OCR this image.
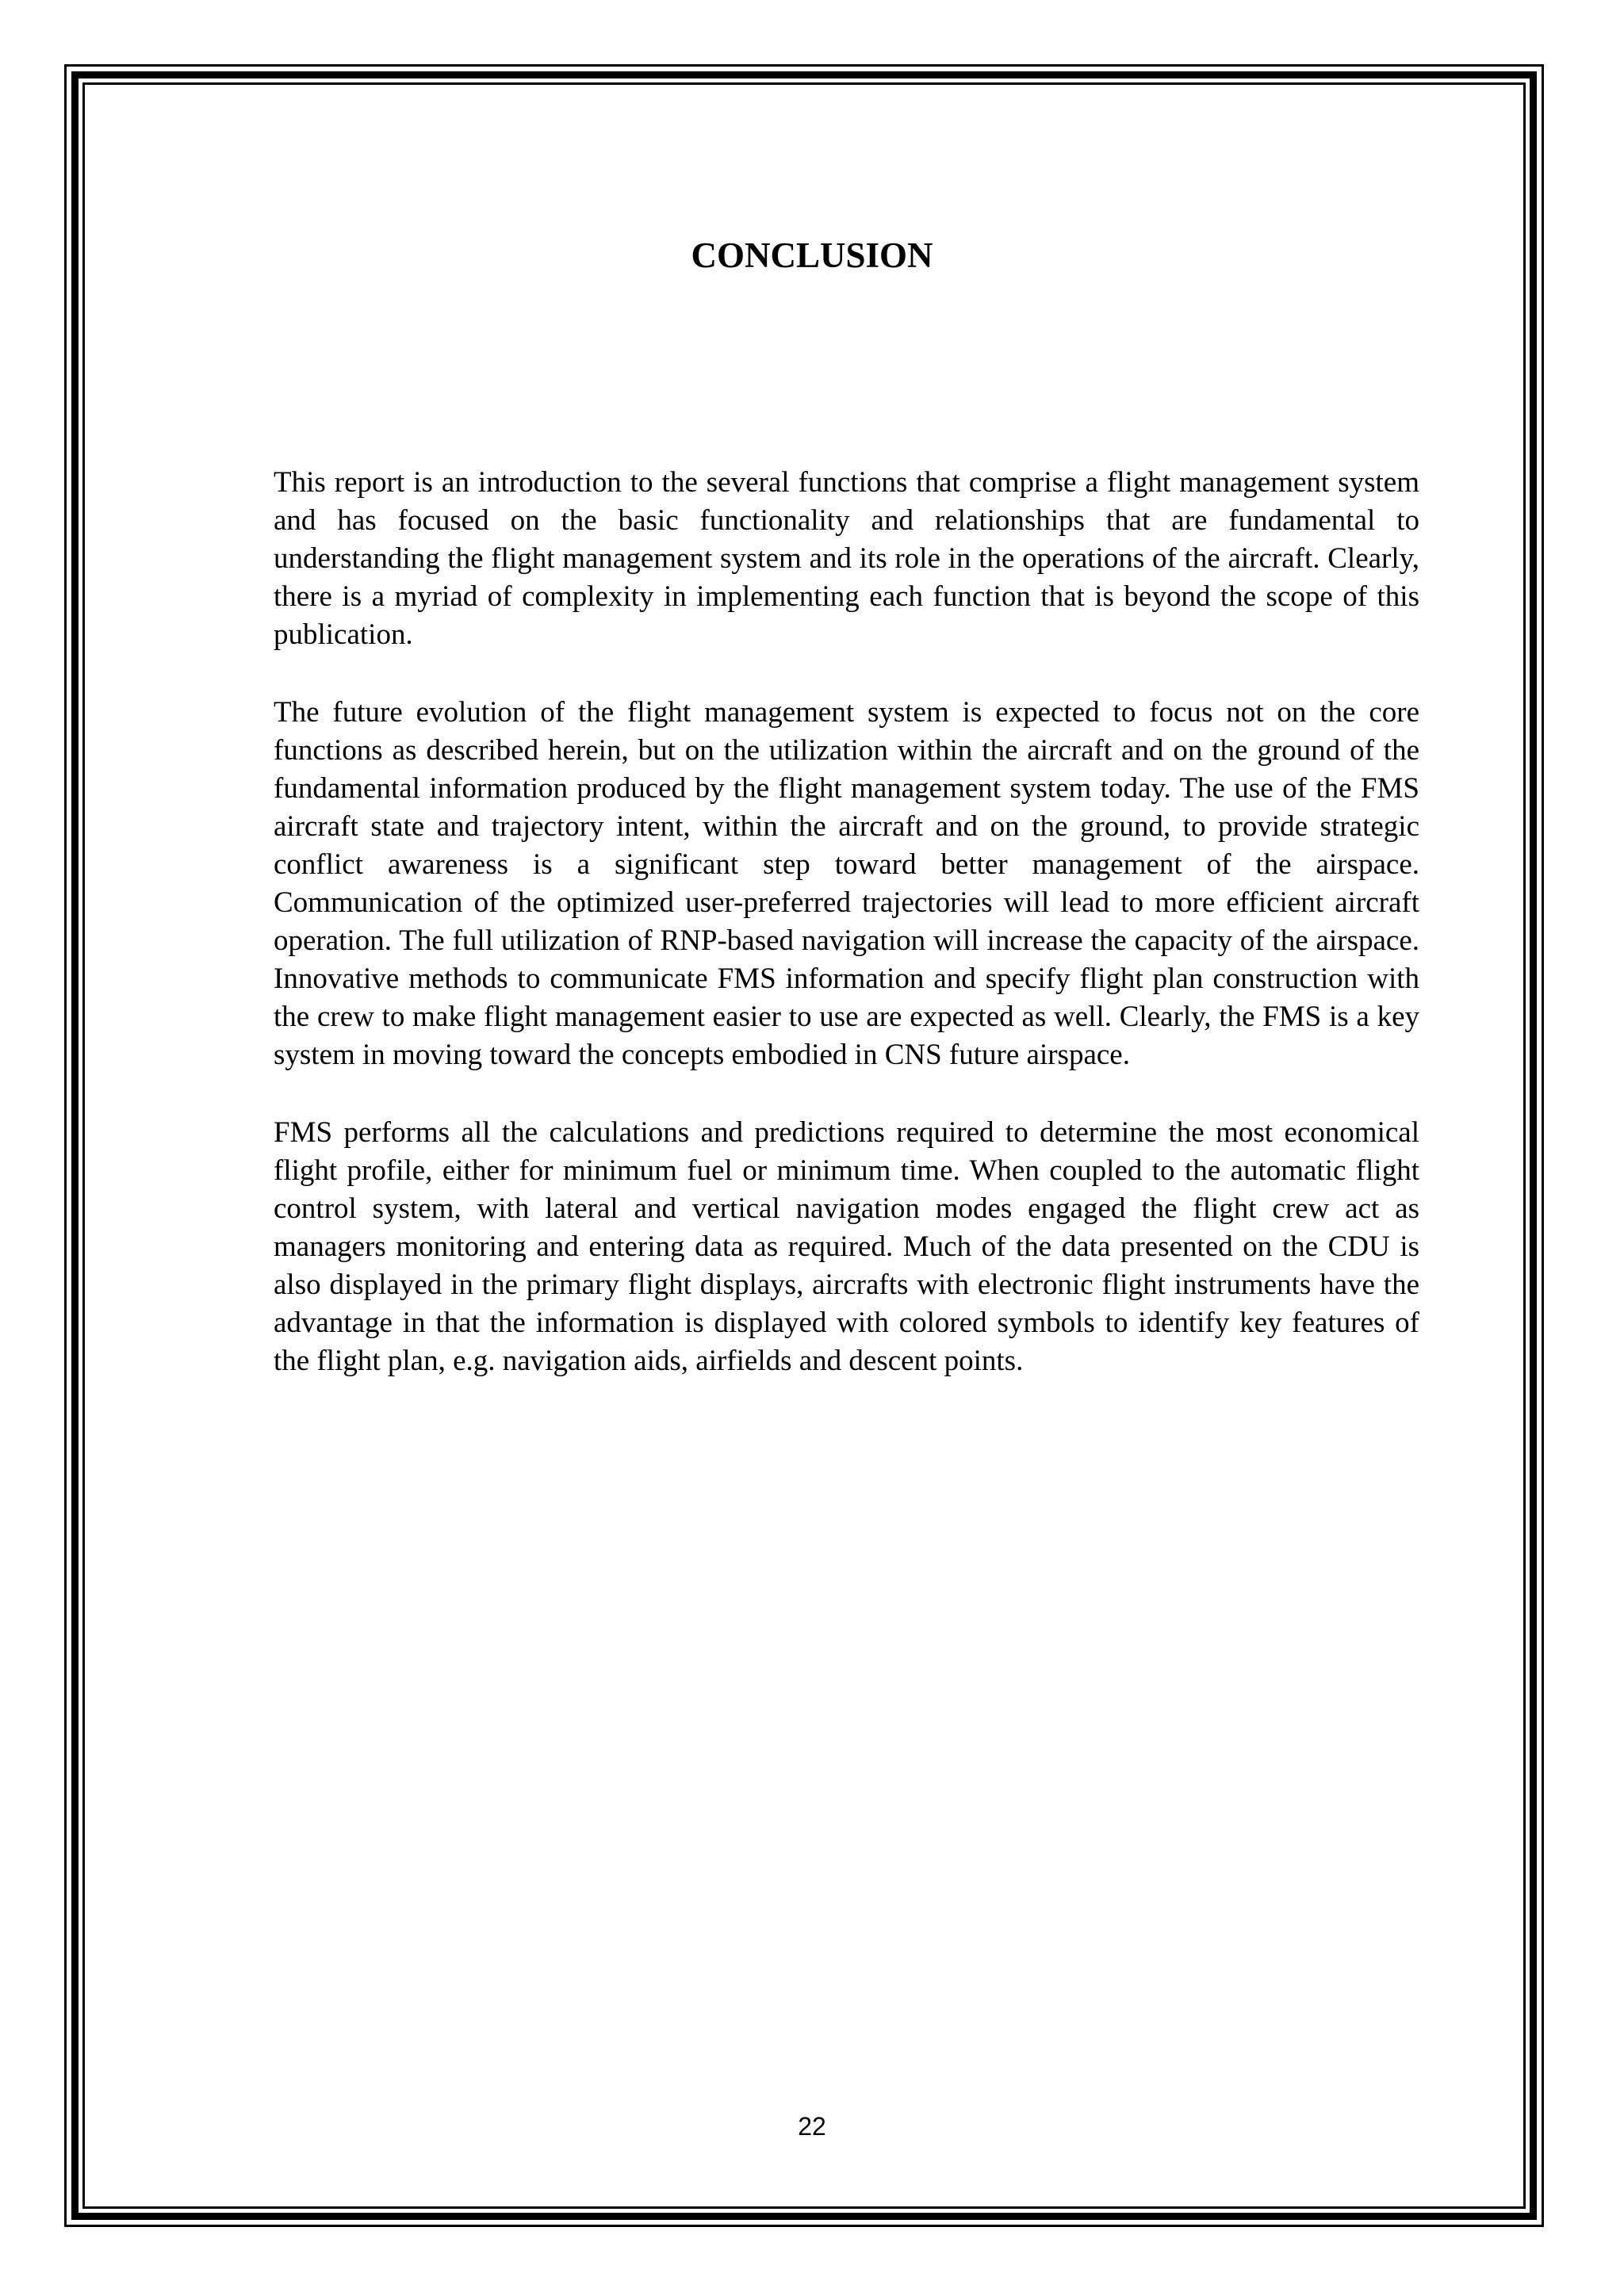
CONCLUSION

This report is an introduction to the several functions that comprise a flight management system and has focused on the basic functionality and relationships that are fundamental to understanding the flight management system and its role in the operations of the aircraft. Clearly, there is a myriad of complexity in implementing each function that is beyond the scope of this publication.

The future evolution of the flight management system is expected to focus not on the core functions as described herein, but on the utilization within the aircraft and on the ground of the fundamental information produced by the flight management system today. The use of the FMS aircraft state and trajectory intent, within the aircraft and on the ground, to provide strategic conflict awareness is a significant step toward better management of the airspace. Communication of the optimized user-preferred trajectories will lead to more efficient aircraft operation. The full utilization of RNP-based navigation will increase the capacity of the airspace. Innovative methods to communicate FMS information and specify flight plan construction with the crew to make flight management easier to use are expected as well. Clearly, the FMS is a key system in moving toward the concepts embodied in CNS future airspace.

FMS performs all the calculations and predictions required to determine the most economical flight profile, either for minimum fuel or minimum time. When coupled to the automatic flight control system, with lateral and vertical navigation modes engaged the flight crew act as managers monitoring and entering data as required. Much of the data presented on the CDU is also displayed in the primary flight displays, aircrafts with electronic flight instruments have the advantage in that the information is displayed with colored symbols to identify key features of the flight plan, e.g. navigation aids, airfields and descent points.

22
